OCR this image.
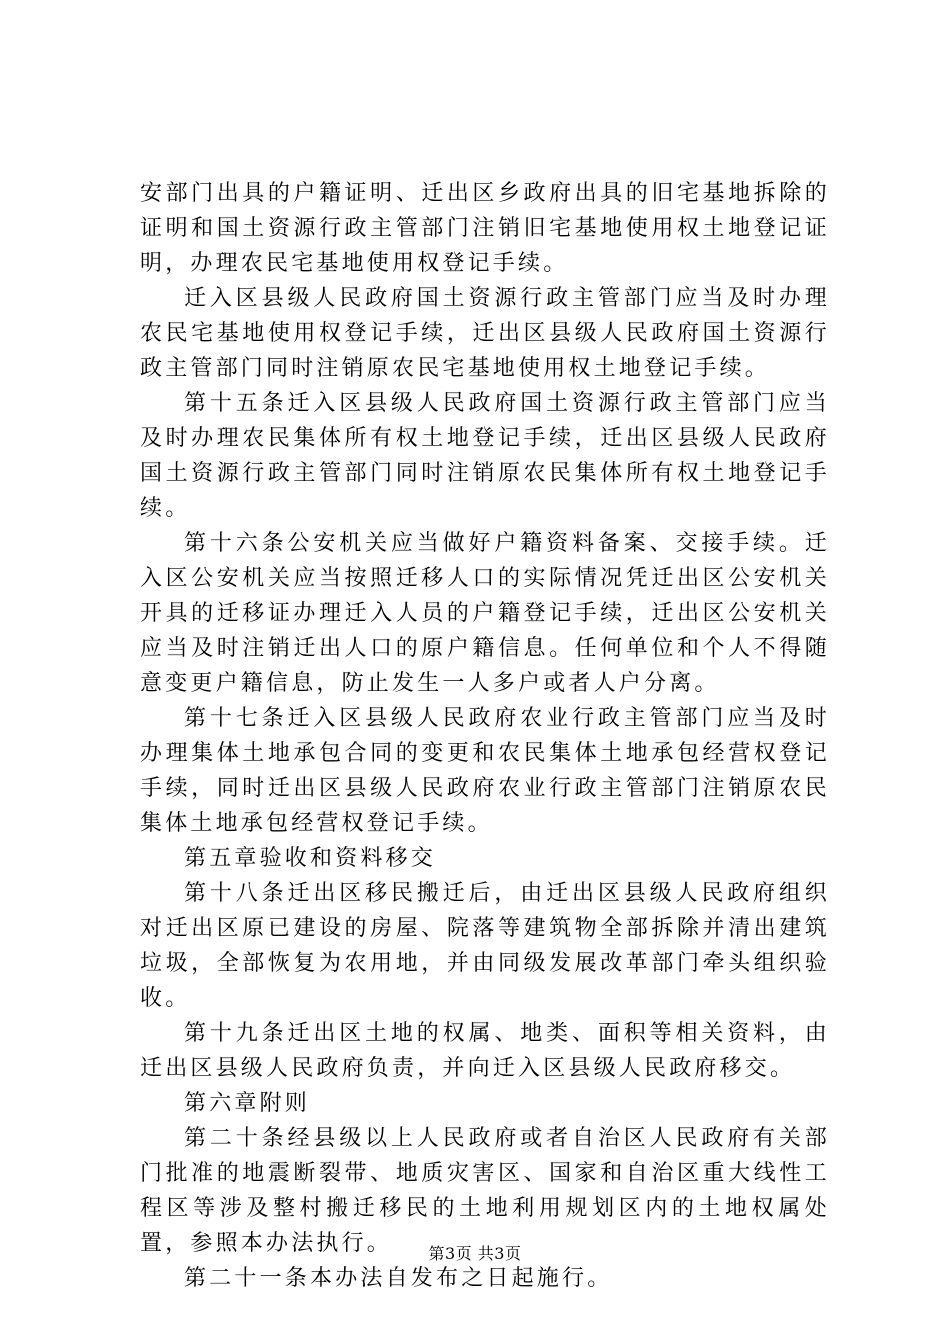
安部门出具的户籍证明、迁出区乡政府出具的旧宅基地拆除的证明和国土资源行政主管部门注销旧宅基地使用权土地登记证明，办理农民宅基地使用权登记手续。

迁入区县级人民政府国土资源行政主管部门应当及时办理农民宅基地使用权登记手续，迁出区县级人民政府国土资源行政主管部门同时注销原农民宅基地使用权土地登记手续。

第十五条迁入区县级人民政府国土资源行政主管部门应当及时办理农民集体所有权土地登记手续，迁出区县级人民政府国土资源行政主管部门同时注销原农民集体所有权土地登记手续。

第十六条公安机关应当做好户籍资料备案、交接手续。迁入区公安机关应当按照迁移人口的实际情况凭迁出区公安机关开具的迁移证办理迁入人员的户籍登记手续，迁出区公安机关应当及时注销迁出人口的原户籍信息。任何单位和个人不得随意变更户籍信息，防止发生一人多户或者人户分离。

第十七条迁入区县级人民政府农业行政主管部门应当及时办理集体土地承包合同的变更和农民集体土地承包经营权登记手续，同时迁出区县级人民政府农业行政主管部门注销原农民集体土地承包经营权登记手续。

第五章验收和资料移交

第十八条迁出区移民搬迁后，由迁出区县级人民政府组织对迁出区原已建设的房屋、院落等建筑物全部拆除并清出建筑垃圾，全部恢复为农用地，并由同级发展改革部门牵头组织验收。

第十九条迁出区土地的权属、地类、面积等相关资料，由迁出区县级人民政府负责，并向迁入区县级人民政府移交。

第六章附则

第二十条经县级以上人民政府或者自治区人民政府有关部门批准的地震断裂带、地质灾害区、国家和自治区重大线性工程区等涉及整村搬迁移民的土地利用规划区内的土地权属处置，参照本办法执行。

第二十一条本办法自发布之日起施行。

第3页 共3页
